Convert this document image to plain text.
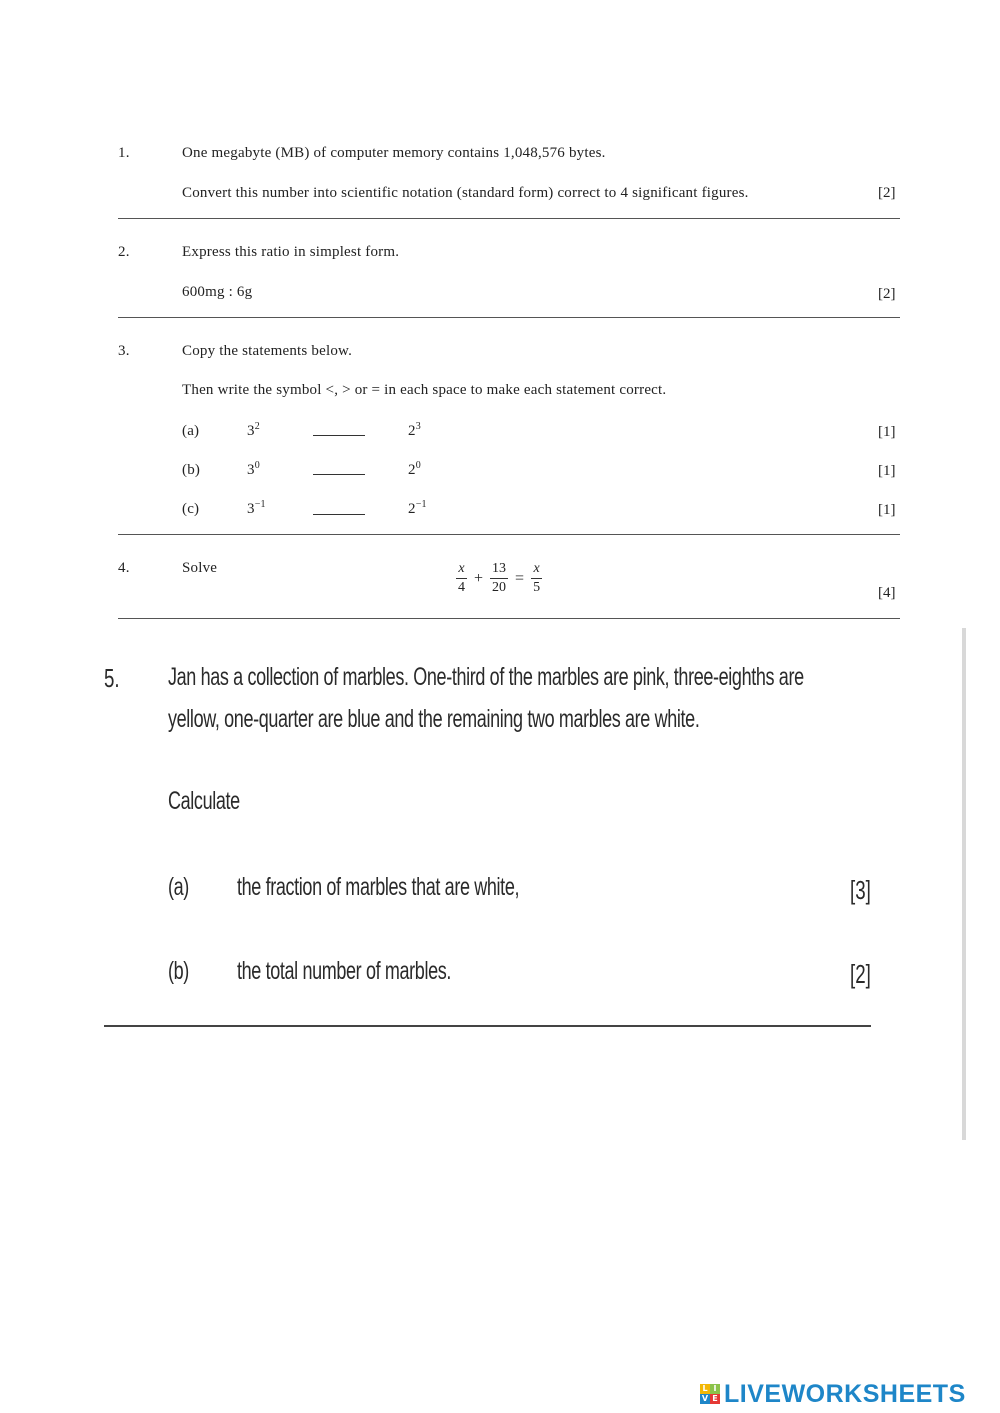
1.	One megabyte (MB) of computer memory contains 1,048,576 bytes.
Convert this number into scientific notation (standard form) correct to 4 significant figures.	[2]
2.	Express this ratio in simplest form.
600mg : 6g	[2]
3.	Copy the statements below.
Then write the symbol <, > or = in each space to make each statement correct.
(a)	$3^2$	$2^3$	[1]
(b)	$3^0$	$2^0$	[1]
(c)	$3^{-1}$	$2^{-1}$	[1]
4.	Solve	$\frac{x}{4} + \frac{13}{20} = \frac{x}{5}$	[4]
5. Jan has a collection of marbles. One-third of the marbles are pink, three-eighths are
yellow, one-quarter are blue and the remaining two marbles are white.
Calculate
(a) the fraction of marbles that are white,	[3]
(b) the total number of marbles.	[2]
L I
V E LIVEWORKSHEETS
